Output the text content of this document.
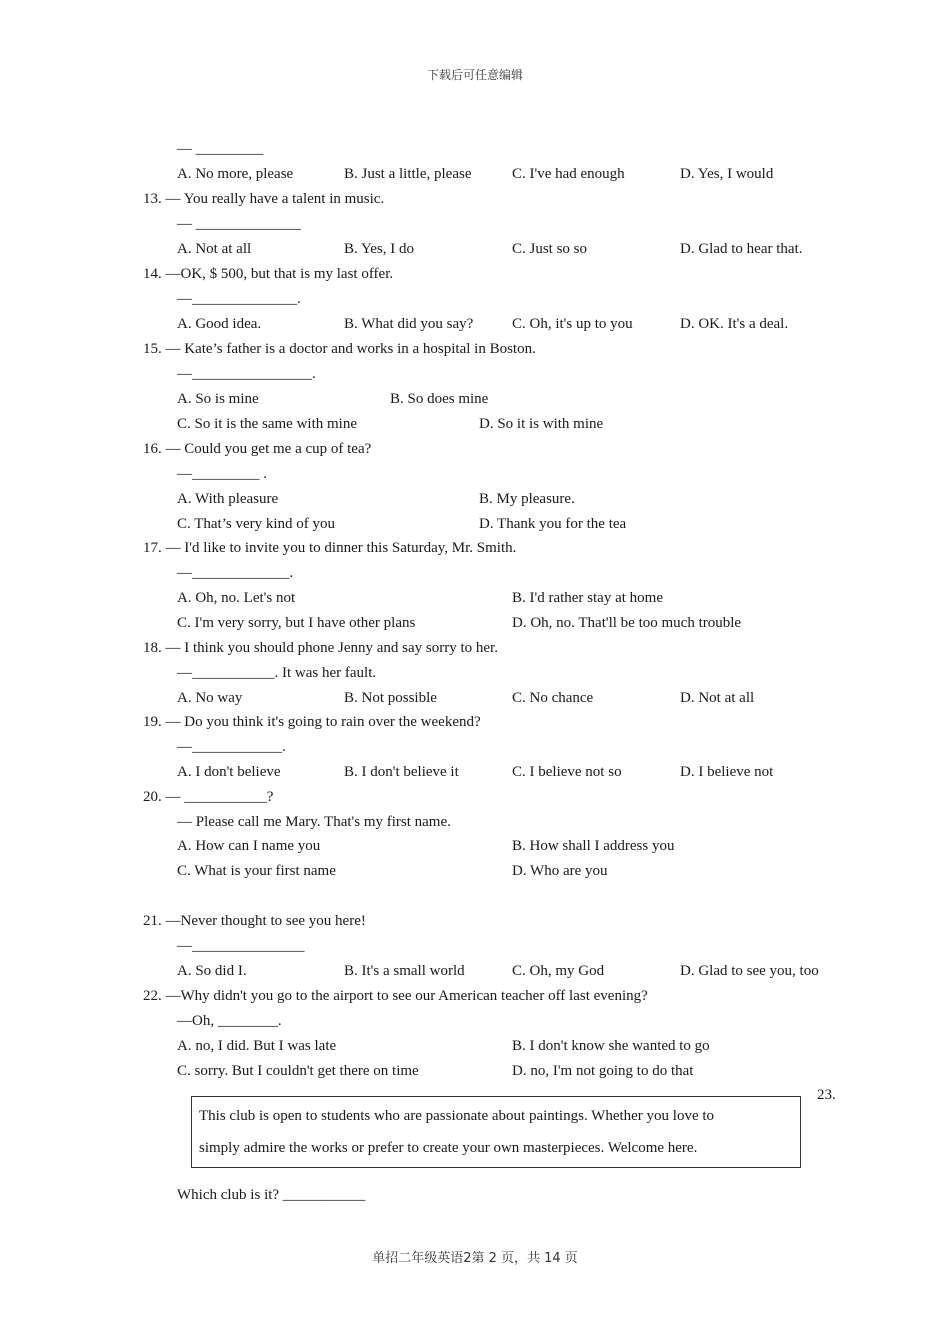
下载后可任意编辑
— _________
A. No more, please	B. Just a little, please	C. I've had enough	D. Yes, I would
13. — You really have a talent in music.
— ______________
A. Not at all	B. Yes, I do	C. Just so so	D. Glad to hear that.
14. —OK, $ 500, but that is my last offer.
—______________.
A. Good idea.	B. What did you say?	C. Oh, it's up to you	D. OK. It's a deal.
15. — Kate’s father is a doctor and works in a hospital in Boston.
—________________.
A. So is mine	B. So does mine
C. So it is the same with mine	D. So it is with mine
16. — Could you get me a cup of tea?
—_________ .
A. With pleasure	B. My pleasure.
C. That’s very kind of you	D. Thank you for the tea
17. — I'd like to invite you to dinner this Saturday, Mr. Smith.
—_____________.
A. Oh, no. Let's not	B. I'd rather stay at home
C. I'm very sorry, but I have other plans	D. Oh, no. That'll be too much trouble
18. — I think you should phone Jenny and say sorry to her.
—___________. It was her fault.
A. No way	B. Not possible	C. No chance	D. Not at all
19. — Do you think it's going to rain over the weekend?
—____________.
A. I don't believe	B. I don't believe it	C. I believe not so	D. I believe not
20. — ___________?
— Please call me Mary. That's my first name.
A. How can I name you	B. How shall I address you
C. What is your first name	D. Who are you
21. —Never thought to see you here!
—_______________
A. So did I.	B. It's a small world	C. Oh, my God	D. Glad to see you, too
22. —Why didn't you go to the airport to see our American teacher off last evening?
—Oh, ________.
A. no, I did. But I was late	B. I don't know she wanted to go
C. sorry. But I couldn't get there on time	D. no, I'm not going to do that
23.
This club is open to students who are passionate about paintings. Whether you love to
simply admire the works or prefer to create your own masterpieces. Welcome here.
Which club is it? ___________
单招二年级英语2第 2 页，共 14 页
